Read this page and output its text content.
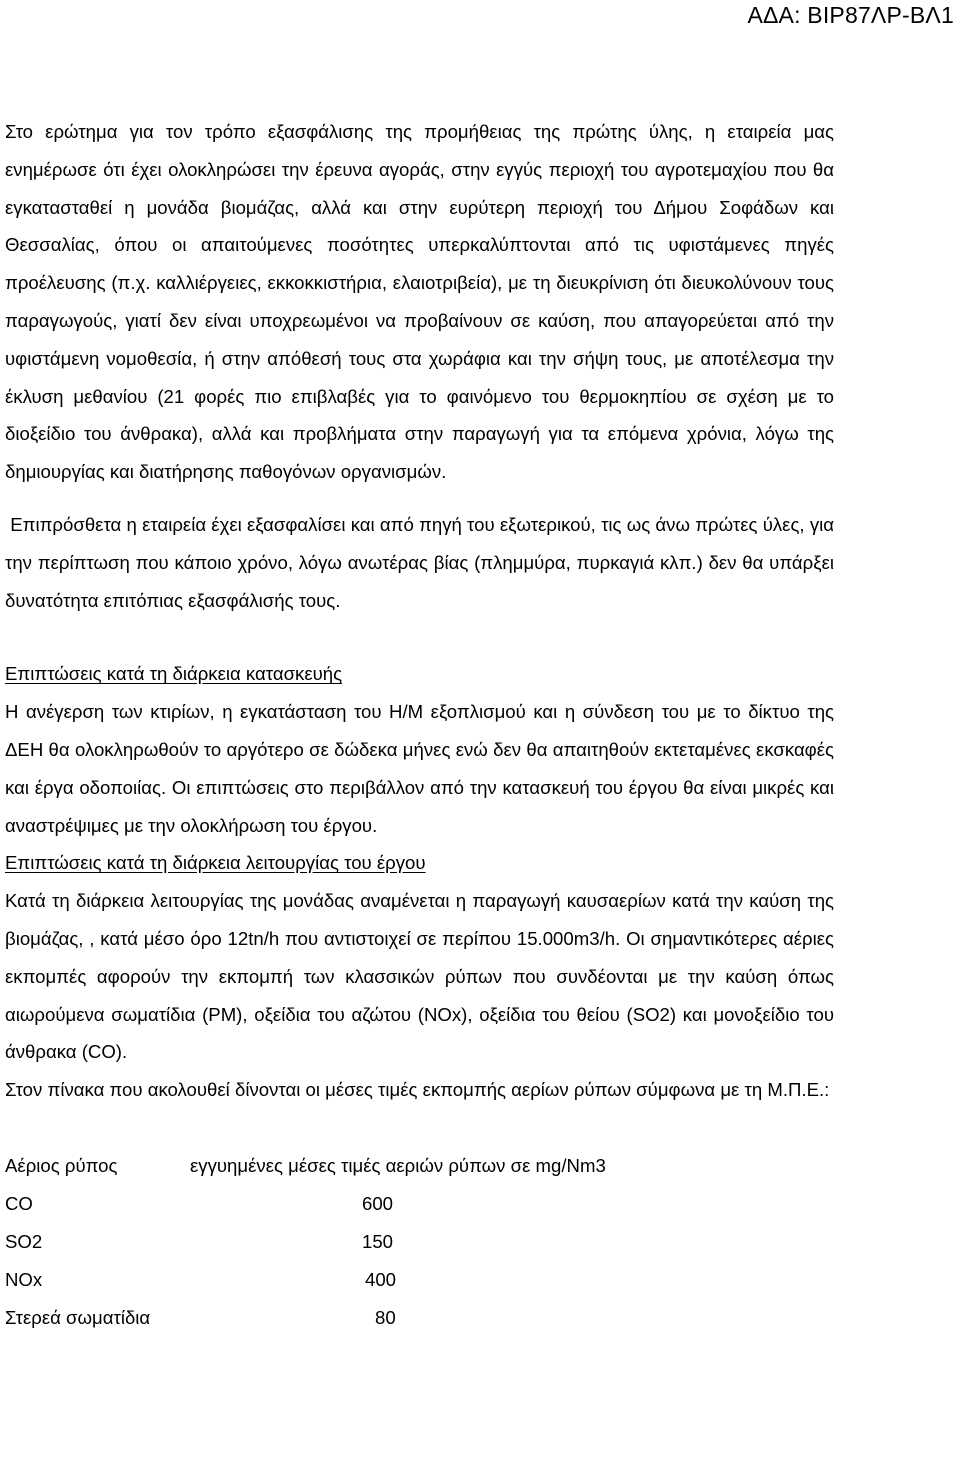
ΑΔΑ: ΒΙΡ87ΛΡ-ΒΛ1

Στο ερώτημα για τον τρόπο εξασφάλισης της προμήθειας της πρώτης ύλης, η εταιρεία μας ενημέρωσε ότι έχει ολοκληρώσει την έρευνα αγοράς, στην εγγύς περιοχή του αγροτεμαχίου που θα εγκατασταθεί η μονάδα βιομάζας, αλλά και στην ευρύτερη περιοχή του Δήμου Σοφάδων και Θεσσαλίας, όπου οι απαιτούμενες ποσότητες υπερκαλύπτονται από τις υφιστάμενες πηγές προέλευσης (π.χ. καλλιέργειες, εκκοκκιστήρια, ελαιοτριβεία), με τη διευκρίνιση ότι διευκολύνουν τους παραγωγούς, γιατί δεν είναι υποχρεωμένοι να προβαίνουν σε καύση, που απαγορεύεται από την υφιστάμενη νομοθεσία, ή στην απόθεσή τους στα χωράφια και την σήψη τους, με αποτέλεσμα την έκλυση μεθανίου (21 φορές πιο επιβλαβές για το φαινόμενο του θερμοκηπίου σε σχέση με το διοξείδιο του άνθρακα), αλλά και προβλήματα στην παραγωγή για τα επόμενα χρόνια, λόγω της δημιουργίας και διατήρησης παθογόνων οργανισμών.

Επιπρόσθετα η εταιρεία έχει εξασφαλίσει και από πηγή του εξωτερικού, τις ως άνω πρώτες ύλες, για την περίπτωση που κάποιο χρόνο, λόγω ανωτέρας βίας (πλημμύρα, πυρκαγιά κλπ.) δεν θα υπάρξει δυνατότητα επιτόπιας εξασφάλισής τους.

Επιπτώσεις κατά τη διάρκεια κατασκευής

Η ανέγερση των κτιρίων, η εγκατάσταση του Η/Μ εξοπλισμού και η σύνδεση του με το δίκτυο της ΔΕΗ θα ολοκληρωθούν το αργότερο σε δώδεκα μήνες ενώ δεν θα απαιτηθούν εκτεταμένες εκσκαφές και έργα οδοποιίας. Οι επιπτώσεις στο περιβάλλον από την κατασκευή του έργου θα είναι μικρές και αναστρέψιμες με την ολοκλήρωση του έργου.

Επιπτώσεις κατά τη διάρκεια λειτουργίας του έργου

Κατά τη διάρκεια λειτουργίας της μονάδας αναμένεται η παραγωγή καυσαερίων κατά την καύση της βιομάζας, , κατά μέσο όρο 12tn/h που αντιστοιχεί σε περίπου 15.000m3/h. Οι σημαντικότερες αέριες εκπομπές αφορούν την εκπομπή των κλασσικών ρύπων που συνδέονται με την καύση όπως αιωρούμενα σωματίδια (PM), οξείδια του αζώτου (NOx), οξείδια του θείου (SO2) και μονοξείδιο του άνθρακα (CO).

Στον πίνακα που ακολουθεί δίνονται οι μέσες τιμές εκπομπής αερίων ρύπων σύμφωνα με τη Μ.Π.Ε.:

Αέριος ρύπος	εγγυημένες μέσες τιμές αεριών ρύπων σε mg/Nm3
CO	600
SO2	150
NOx	400
Στερεά σωματίδια	80
